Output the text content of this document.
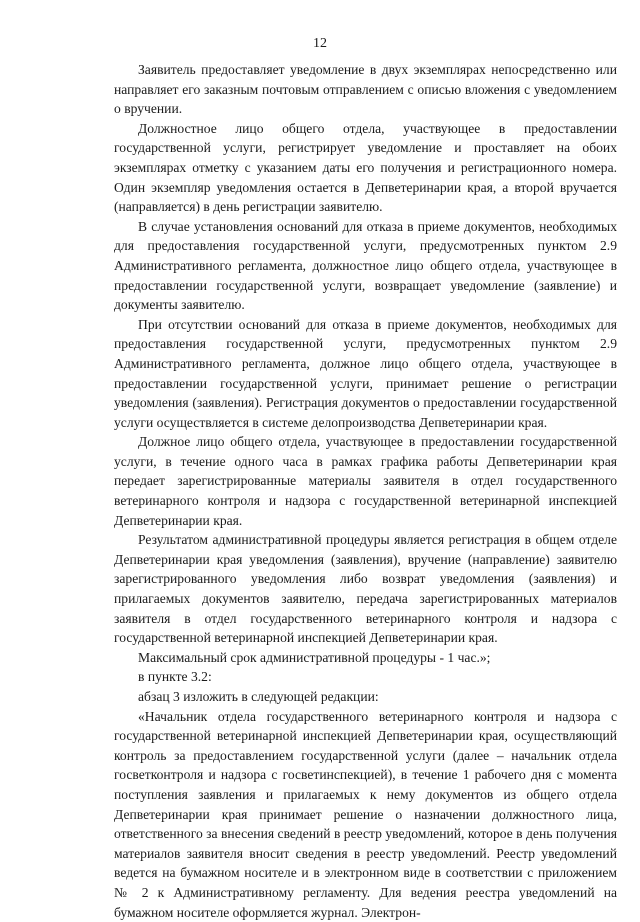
12

Заявитель предоставляет уведомление в двух экземплярах непосредственно или направляет его заказным почтовым отправлением с описью вложения с уведомлением о вручении.

Должностное лицо общего отдела, участвующее в предоставлении государственной услуги, регистрирует уведомление и проставляет на обоих экземплярах отметку с указанием даты его получения и регистрационного номера. Один экземпляр уведомления остается в Депветеринарии края, а второй вручается (направляется) в день регистрации заявителю.

В случае установления оснований для отказа в приеме документов, необходимых для предоставления государственной услуги, предусмотренных пунктом 2.9 Административного регламента, должностное лицо общего отдела, участвующее в предоставлении государственной услуги, возвращает уведомление (заявление) и документы заявителю.

При отсутствии оснований для отказа в приеме документов, необходимых для предоставления государственной услуги, предусмотренных пунктом 2.9 Административного регламента, должное лицо общего отдела, участвующее в предоставлении государственной услуги, принимает решение о регистрации уведомления (заявления). Регистрация документов о предоставлении государственной услуги осуществляется в системе делопроизводства Депветеринарии края.

Должное лицо общего отдела, участвующее в предоставлении государственной услуги, в течение одного часа в рамках графика работы Депветеринарии края передает зарегистрированные материалы заявителя в отдел государственного ветеринарного контроля и надзора с государственной ветеринарной инспекцией Депветеринарии края.

Результатом административной процедуры является регистрация в общем отделе Депветеринарии края уведомления (заявления), вручение (направление) заявителю зарегистрированного уведомления либо возврат уведомления (заявления) и прилагаемых документов заявителю, передача зарегистрированных материалов заявителя в отдел государственного ветеринарного контроля и надзора с государственной ветеринарной инспекцией Депветеринарии края.

Максимальный срок административной процедуры - 1 час.»;

в пункте 3.2:

абзац 3 изложить в следующей редакции:

«Начальник отдела государственного ветеринарного контроля и надзора с государственной ветеринарной инспекцией Депветеринарии края, осуществляющий контроль за предоставлением государственной услуги (далее – начальник отдела госветконтроля и надзора с госветинспекцией), в течение 1 рабочего дня с момента поступления заявления и прилагаемых к нему документов из общего отдела Депветеринарии края принимает решение о назначении должностного лица, ответственного за внесения сведений в реестр уведомлений, которое в день получения материалов заявителя вносит сведения в реестр уведомлений. Реестр уведомлений ведется на бумажном носителе и в электронном виде в соответствии с приложением № 2 к Административному регламенту. Для ведения реестра уведомлений на бумажном носителе оформляется журнал. Электрон-
